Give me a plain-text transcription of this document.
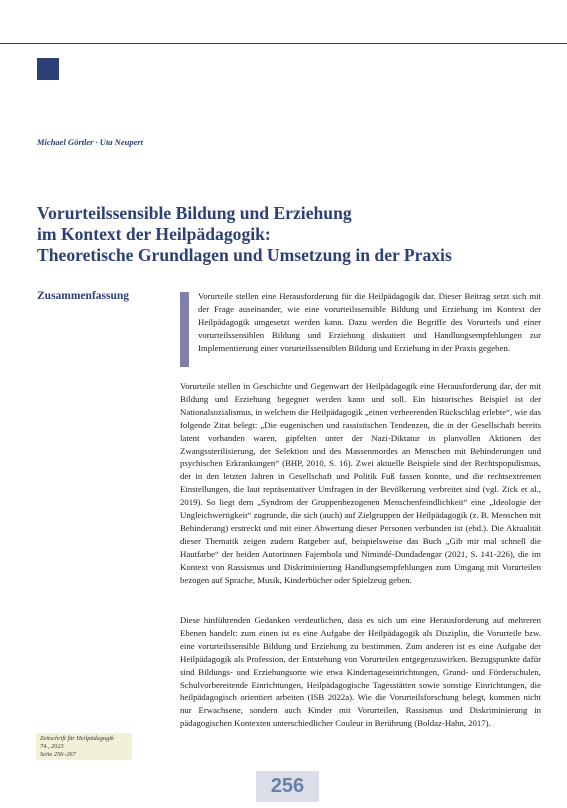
Michael Görtler · Uta Neupert
Vorurteilssensible Bildung und Erziehung
im Kontext der Heilpädagogik:
Theoretische Grundlagen und Umsetzung in der Praxis
Zusammenfassung	Vorurteile stellen eine Herausforderung für die Heilpädagogik dar. Dieser Beitrag setzt sich mit der Frage auseinander, wie eine vorurteilssensible Bildung und Erziehung im Kontext der Heilpädagogik umgesetzt werden kann. Dazu werden die Begriffe des Vorurteils und einer vorurteilssensiblen Bildung und Erziehung diskutiert und Handlungsempfehlungen zur Implementierung einer vorurteilssensiblen Bildung und Erziehung in der Praxis gegeben.

Vorurteile stellen in Geschichte und Gegenwart der Heilpädagogik eine Herausforderung dar, der mit Bildung und Erziehung begegnet werden kann und soll. Ein historisches Beispiel ist der Nationalsozialismus, in welchem die Heilpädagogik „einen verheerenden Rückschlag erlebte“, wie das folgende Zitat belegt: „Die eugenischen und rassistischen Tendenzen, die in der Gesellschaft bereits latent vorhanden waren, gipfelten unter der Nazi-Diktatur in planvollen Aktionen der Zwangssterilisierung, der Selektion und des Massenmordes an Menschen mit Behinderungen und psychischen Erkrankungen“ (BHP, 2010, S. 16). Zwei aktuelle Beispiele sind der Rechtspopulismus, der in den letzten Jahren in Gesellschaft und Politik Fuß fassen konnte, und die rechtsextremen Einstellungen, die laut repräsentativer Umfragen in der Bevölkerung verbreitet sind (vgl. Zick et al., 2019). So liegt dem „Syndrom der Gruppenbezogenen Menschenfeindlichkeit“ eine „Ideologie der Ungleichwertigkeit“ zugrunde, die sich (auch) auf Zielgruppen der Heilpädagogik (z. B. Menschen mit Behinderung) erstreckt und mit einer Abwertung dieser Personen verbunden ist (ebd.). Die Aktualität dieser Thematik zeigen zudem Ratgeber auf, beispielsweise das Buch „Gib mir mal schnell die Hautfarbe“ der beiden Autorinnen Fajembola und Nimindé-Dundadengar (2021, S. 141-226), die im Kontext von Rassismus und Diskriminierung Handlungsempfehlungen zum Umgang mit Vorurteilen bezogen auf Sprache, Musik, Kinderbücher oder Spielzeug geben.

Diese hinführenden Gedanken verdeutlichen, dass es sich um eine Herausforderung auf mehreren Ebenen handelt: zum einen ist es eine Aufgabe der Heilpädagogik als Disziplin, die Vorurteile bzw. eine vorurteilssensible Bildung und Erziehung zu bestimmen. Zum anderen ist es eine Aufgabe der Heilpädagogik als Profession, der Entstehung von Vorurteilen entgegenzuwirken. Bezugspunkte dafür sind Bildungs- und Erziehungsorte wie etwa Kindertageseinrichtungen, Grund- und Förderschulen, Schulvorbereitende Einrichtungen, Heilpädagogische Tagesstätten sowie sonstige Einrichtungen, die heilpädagogisch orientiert arbeiten (ISB 2022a). Wie die Vorurteilsforschung belegt, kommen nicht nur Erwachsene, sondern auch Kinder mit Vorurteilen, Rassismus und Diskriminierung in pädagogischen Kontexten unterschiedlicher Couleur in Berührung (Boldaz-Hahn, 2017).

Zeitschrift für Heilpädagogik
74., 2023
Seite 256–267
256
